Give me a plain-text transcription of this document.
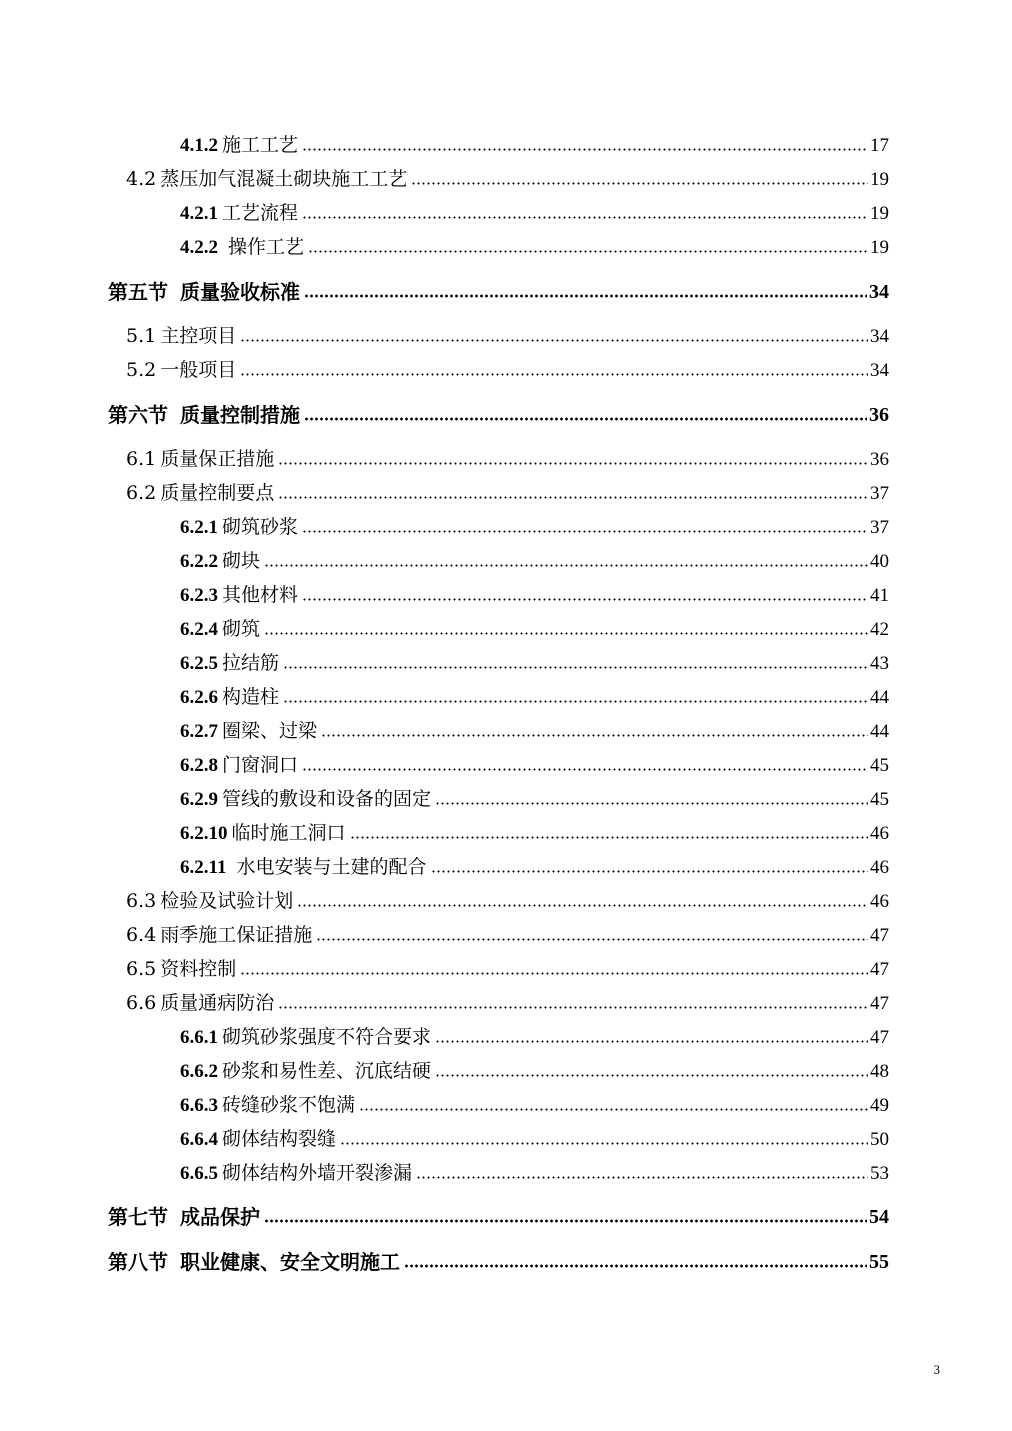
4.1.2 施工工艺	17
4.2 蒸压加气混凝土砌块施工工艺	19
4.2.1 工艺流程	19
4.2.2 操作工艺	19
第五节 质量验收标准	34
5.1 主控项目	34
5.2 一般项目	34
第六节 质量控制措施	36
6.1 质量保正措施	36
6.2 质量控制要点	37
6.2.1 砌筑砂浆	37
6.2.2 砌块	40
6.2.3 其他材料	41
6.2.4 砌筑	42
6.2.5 拉结筋	43
6.2.6 构造柱	44
6.2.7 圈梁、过梁	44
6.2.8 门窗洞口	45
6.2.9 管线的敷设和设备的固定	45
6.2.10 临时施工洞口	46
6.2.11 水电安装与土建的配合	46
6.3 检验及试验计划	46
6.4 雨季施工保证措施	47
6.5 资料控制	47
6.6 质量通病防治	47
6.6.1 砌筑砂浆强度不符合要求	47
6.6.2 砂浆和易性差、沉底结硬	48
6.6.3 砖缝砂浆不饱满	49
6.6.4 砌体结构裂缝	50
6.6.5 砌体结构外墙开裂渗漏	53
第七节 成品保护	54
第八节 职业健康、安全文明施工	55
3
